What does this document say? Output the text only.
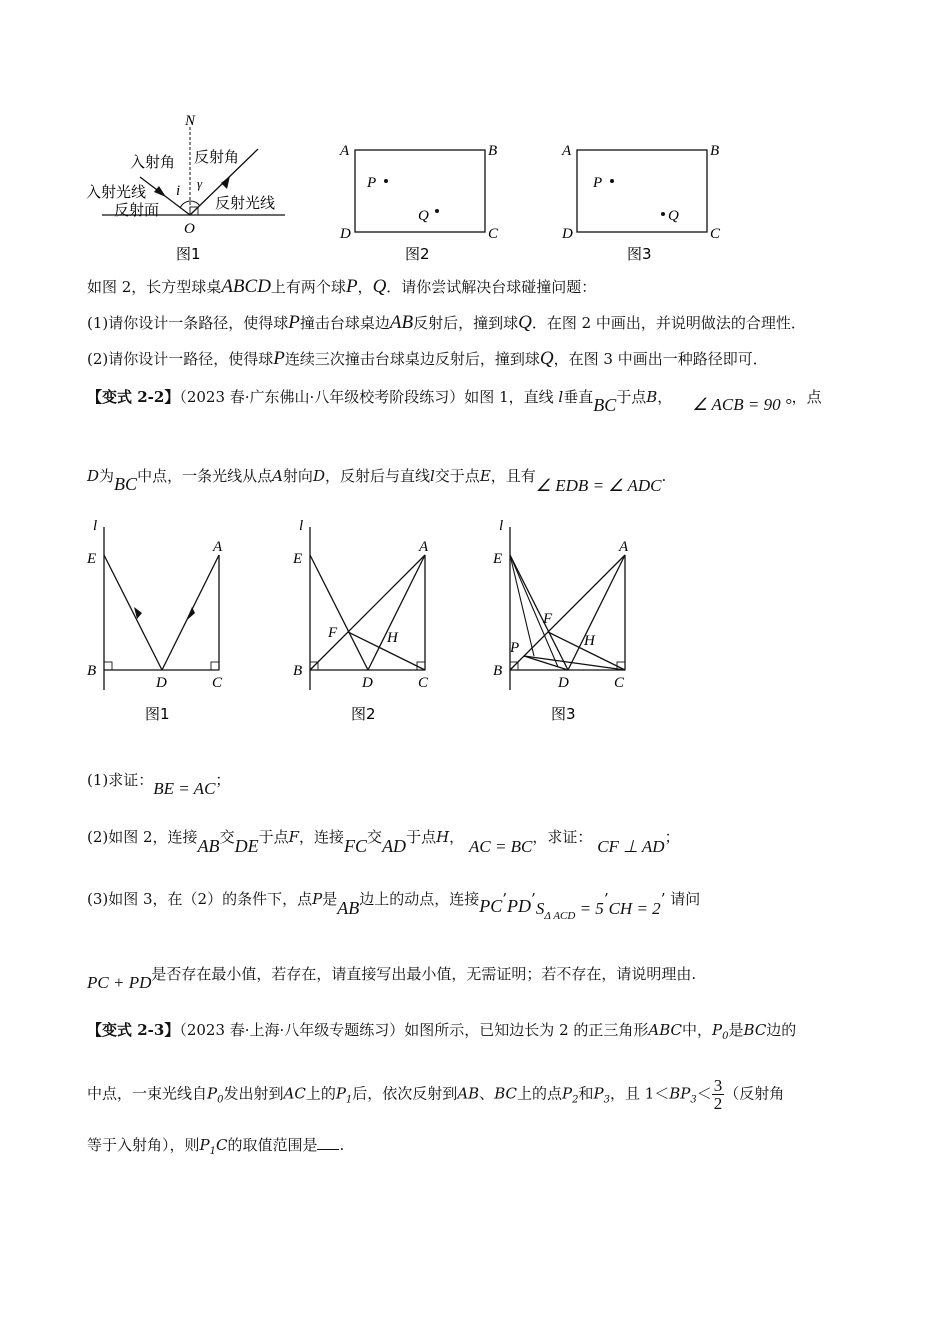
N
入射角 反射角
γ
i
入射光线
反射光线
反射面
O
图1
A	B
D	C
P
Q
图2
A	B
D	C
P
Q
图3
如图 2，长方型球桌ABCD上有两个球P，Q．请你尝试解决台球碰撞问题：
(1)请你设计一条路径，使得球P撞击台球桌边AB反射后，撞到球Q．在图 2 中画出，并说明做法的合理性．
(2)请你设计一路径，使得球P连续三次撞击台球桌边反射后，撞到球Q，在图 3 中画出一种路径即可．
【变式 2-2】（2023 春·广东佛山·八年级校考阶段练习）如图 1，直线 l垂直BC于点B， ∠ ACB = 90 °，点
D为BC中点，一条光线从点A射向D，反射后与直线l交于点E，且有∠ EDB = ∠ ADC.
l
E
A
B
D	C
图1
l
E
A
F	H
B
D	C
图2
l
E
A
F
H
P
B
D	C
图3
(1)求证：BE = AC；
(2)如图 2，连接AB交DE于点F，连接FC交AD于点H， AC = BC，求证： CF ⊥ AD；
(3)如图 3，在（2）的条件下，点P是AB边上的动点，连接$PC’PD’S_{\Delta ACD}$ = 5’CH = 2’ 请问
PC + PD是否存在最小值，若存在，请直接写出最小值，无需证明；若不存在，请说明理由.
【变式 2-3】（2023 春·上海·八年级专题练习）如图所示，已知边长为 2 的正三角形ABC中，$P_0$是BC边的
中点，一束光线自$P_0$发出射到AC上的$P_1$后，依次反射到AB、BC上的点$P_2$和$P_3$，且 $1<BP_3< \frac{3}{2}$ （反射角
等于入射角），则$P_1C$的取值范围是 .
